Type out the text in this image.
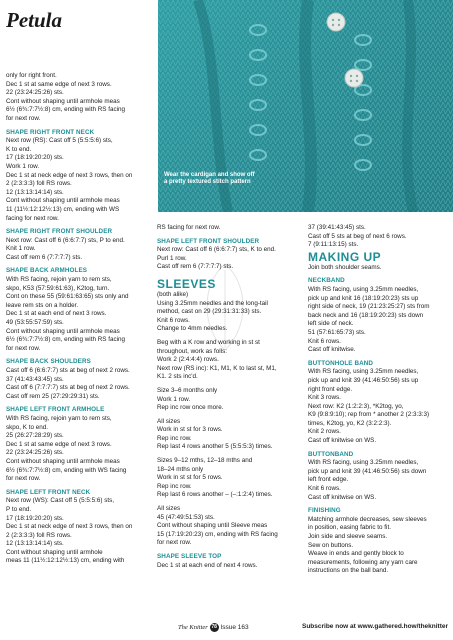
Petula
Wear the cardigan and show off a pretty textured stitch pattern

only for right front.

Dec 1 st at same edge of next 3 rows.

22 (23:24:25:26) sts.

Cont without shaping until armhole meas

6½ (6¾:7:7½:8) cm, ending with RS facing

for next row.

SHAPE RIGHT FRONT NECK

Next row (RS): Cast off 5 (5:5:5:6) sts,

K to end.

17 (18:19:20:20) sts.

Work 1 row.

Dec 1 st at neck edge of next 3 rows, then on

2 (2:3:3:3) foll RS rows.

12 (13:13:14:14) sts.

Cont without shaping until armhole meas

11 (11½:12:12½:13) cm, ending with WS

facing for next row.

SHAPE RIGHT FRONT SHOULDER

Next row: Cast off 6 (6:6:7:7) sts, P to end.

Knit 1 row.

Cast off rem 6 (7:7:7:7) sts.

SHAPE BACK ARMHOLES

With RS facing, rejoin yarn to rem sts,

skpo, K53 (57:59:61:63), K2tog, turn.

Cont on these 55 (59:61:63:65) sts only and

leave rem sts on a holder.

Dec 1 st at each end of next 3 rows.

49 (53:55:57:59) sts.

Cont without shaping until armhole meas

6½ (6¾:7:7½:8) cm, ending with RS facing

for next row.

SHAPE BACK SHOULDERS

Cast off 6 (6:6:7:7) sts at beg of next 2 rows.

37 (41:43:43:45) sts.

Cast off 6 (7:7:7:7) sts at beg of next 2 rows.

Cast off rem 25 (27:29:29:31) sts.

SHAPE LEFT FRONT ARMHOLE

With RS facing, rejoin yarn to rem sts,

skpo, K to end.

25 (26:27:28:29) sts.

Dec 1 st at same edge of next 3 rows.

22 (23:24:25:26) sts.

Cont without shaping until armhole meas

6½ (6¾:7:7½:8) cm, ending with WS facing

for next row.

SHAPE LEFT FRONT NECK

Next row (WS): Cast off 5 (5:5:5:6) sts,

P to end.

17 (18:19:20:20) sts.

Dec 1 st at neck edge of next 3 rows, then on

2 (2:3:3:3) foll RS rows.

12 (13:13:14:14) sts.

Cont without shaping until armhole

meas 11 (11½:12:12½:13) cm, ending with

RS facing for next row.

SHAPE LEFT FRONT SHOULDER

Next row: Cast off 6 (6:6:7:7) sts, K to end.

Purl 1 row.

Cast off rem 6 (7:7:7:7) sts.

SLEEVES

(both alike)

Using 3.25mm needles and the long-tail

method, cast on 29 (29:31:31:33) sts.

Knit 6 rows.

Change to 4mm needles.

Beg with a K row and working in st st

throughout, work as folls:

Work 2 (2:4:4:4) rows.

Next row (RS inc): K1, M1, K to last st, M1,

K1. 2 sts inc'd.

Size 3–6 months only

Work 1 row.

Rep inc row once more.

All sizes

Work in st st for 3 rows.

Rep inc row.

Rep last 4 rows another 5 (5:5:5:3) times.

Sizes 9–12 mths, 12–18 mths and

18–24 mths only

Work in st st for 5 rows.

Rep inc row.

Rep last 6 rows another – (–:1:2:4) times.

All sizes

45 (47:49:51:53) sts.

Cont without shaping until Sleeve meas

15 (17:19:20:23) cm, ending with RS facing

for next row.

SHAPE SLEEVE TOP

Dec 1 st at each end of next 4 rows.

37 (39:41:43:45) sts.

Cast off 5 sts at beg of next 6 rows.

7 (9:11:13:15) sts.

MAKING UP

Join both shoulder seams.

NECKBAND

With RS facing, using 3.25mm needles,

pick up and knit 16 (18:19:20:23) sts up

right side of neck, 19 (21:23:25:27) sts from

back neck and 16 (18:19:20:23) sts down

left side of neck.

51 (57:61:65:73) sts.

Knit 6 rows.

Cast off knitwise.

BUTTONHOLE BAND

With RS facing, using 3.25mm needles,

pick up and knit 39 (41:46:50:56) sts up

right front edge.

Knit 3 rows.

Next row: K2 (1:2:2:3), *K2tog, yo,

K9 (9:8:9:10); rep from * another 2 (2:3:3:3)

times, K2tog, yo, K2 (3:2:2:3).

Knit 2 rows.

Cast off knitwise on WS.

BUTTONBAND

With RS facing, using 3.25mm needles,

pick up and knit 39 (41:46:50:56) sts down

left front edge.

Knit 6 rows.

Cast off knitwise on WS.

FINISHING

Matching armhole decreases, sew sleeves

in position, easing fabric to fit.

Join side and sleeve seams.

Sew on buttons.

Weave in ends and gently block to

measurements, following any yarn care

instructions on the ball band.

The Knitter 78 Issue 163	Subscribe now at www.gathered.how/theknitter
